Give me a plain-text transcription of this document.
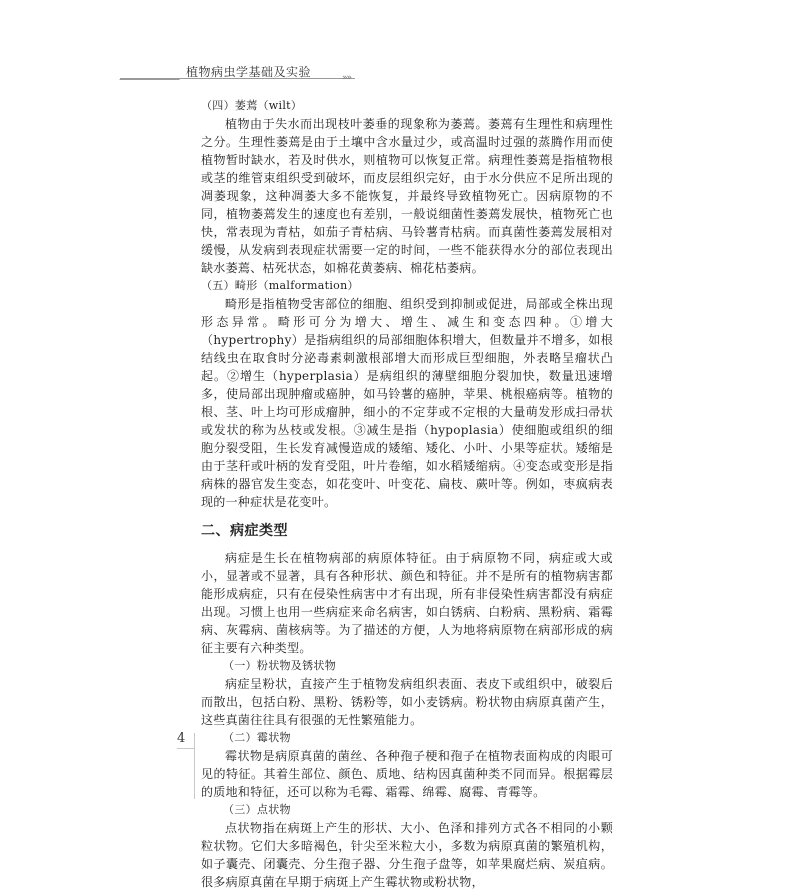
植物病虫学基础及实验	»»

（四）萎蔫（wilt）

植物由于失水而出现枝叶萎垂的现象称为萎蔫。萎蔫有生理性和病理性之分。生理性萎蔫是由于土壤中含水量过少，或高温时过强的蒸腾作用而使植物暂时缺水，若及时供水，则植物可以恢复正常。病理性萎蔫是指植物根或茎的维管束组织受到破坏，而皮层组织完好，由于水分供应不足所出现的凋萎现象，这种凋萎大多不能恢复，并最终导致植物死亡。因病原物的不同，植物萎蔫发生的速度也有差别，一般说细菌性萎蔫发展快，植物死亡也快，常表现为青枯，如茄子青枯病、马铃薯青枯病。而真菌性萎蔫发展相对缓慢，从发病到表现症状需要一定的时间，一些不能获得水分的部位表现出缺水萎蔫、枯死状态，如棉花黄萎病、棉花枯萎病。

（五）畸形（malformation）

畸形是指植物受害部位的细胞、组织受到抑制或促进，局部或全株出现形态异常。畸形可分为增大、增生、减生和变态四种。①增大（hypertrophy）是指病组织的局部细胞体积增大，但数量并不增多，如根结线虫在取食时分泌毒素刺激根部增大而形成巨型细胞，外表略呈瘤状凸起。②增生（hyperplasia）是病组织的薄壁细胞分裂加快，数量迅速增多，使局部出现肿瘤或癌肿，如马铃薯的癌肿，苹果、桃根癌病等。植物的根、茎、叶上均可形成瘤肿，细小的不定芽或不定根的大量萌发形成扫帚状或发状的称为丛枝或发根。③减生是指（hypoplasia）使细胞或组织的细胞分裂受阻，生长发育减慢造成的矮缩、矮化、小叶、小果等症状。矮缩是由于茎秆或叶柄的发育受阻，叶片卷缩，如水稻矮缩病。④变态或变形是指病株的器官发生变态，如花变叶、叶变花、扁枝、蕨叶等。例如，枣疯病表现的一种症状是花变叶。

二、病症类型

病症是生长在植物病部的病原体特征。由于病原物不同，病症或大或小，显著或不显著，具有各种形状、颜色和特征。并不是所有的植物病害都能形成病症，只有在侵染性病害中才有出现，所有非侵染性病害都没有病症出现。习惯上也用一些病症来命名病害，如白锈病、白粉病、黑粉病、霜霉病、灰霉病、菌核病等。为了描述的方便，人为地将病原物在病部形成的病征主要有六种类型。

（一）粉状物及锈状物

病症呈粉状，直接产生于植物发病组织表面、表皮下或组织中，破裂后而散出，包括白粉、黑粉、锈粉等，如小麦锈病。粉状物由病原真菌产生，这些真菌往往具有很强的无性繁殖能力。

（二）霉状物

霉状物是病原真菌的菌丝、各种孢子梗和孢子在植物表面构成的肉眼可见的特征。其着生部位、颜色、质地、结构因真菌种类不同而异。根据霉层的质地和特征，还可以称为毛霉、霜霉、绵霉、腐霉、青霉等。

（三）点状物

点状物指在病斑上产生的形状、大小、色泽和排列方式各不相同的小颗粒状物。它们大多暗褐色，针尖至米粒大小，多数为病原真菌的繁殖机构，如子囊壳、闭囊壳、分生孢子器、分生孢子盘等，如苹果腐烂病、炭疽病。很多病原真菌在早期于病斑上产生霉状物或粉状物，

4
